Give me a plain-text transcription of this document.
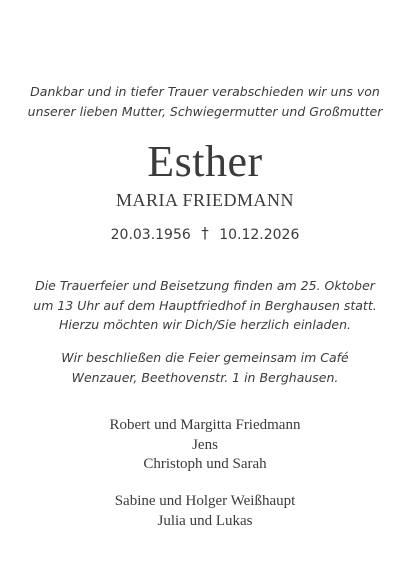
Dankbar und in tiefer Trauer verabschieden wir uns von
unserer lieben Mutter, Schwiegermutter und Großmutter
Esther
MARIA FRIEDMANN
20.03.1956 † 10.12.2026
Die Trauerfeier und Beisetzung finden am 25. Oktober
um 13 Uhr auf dem Hauptfriedhof in Berghausen statt.
Hierzu möchten wir Dich/Sie herzlich einladen.
Wir beschließen die Feier gemeinsam im Café
Wenzauer, Beethovenstr. 1 in Berghausen.
Robert und Margitta Friedmann
Jens
Christoph und Sarah
Sabine und Holger Weißhaupt
Julia und Lukas
